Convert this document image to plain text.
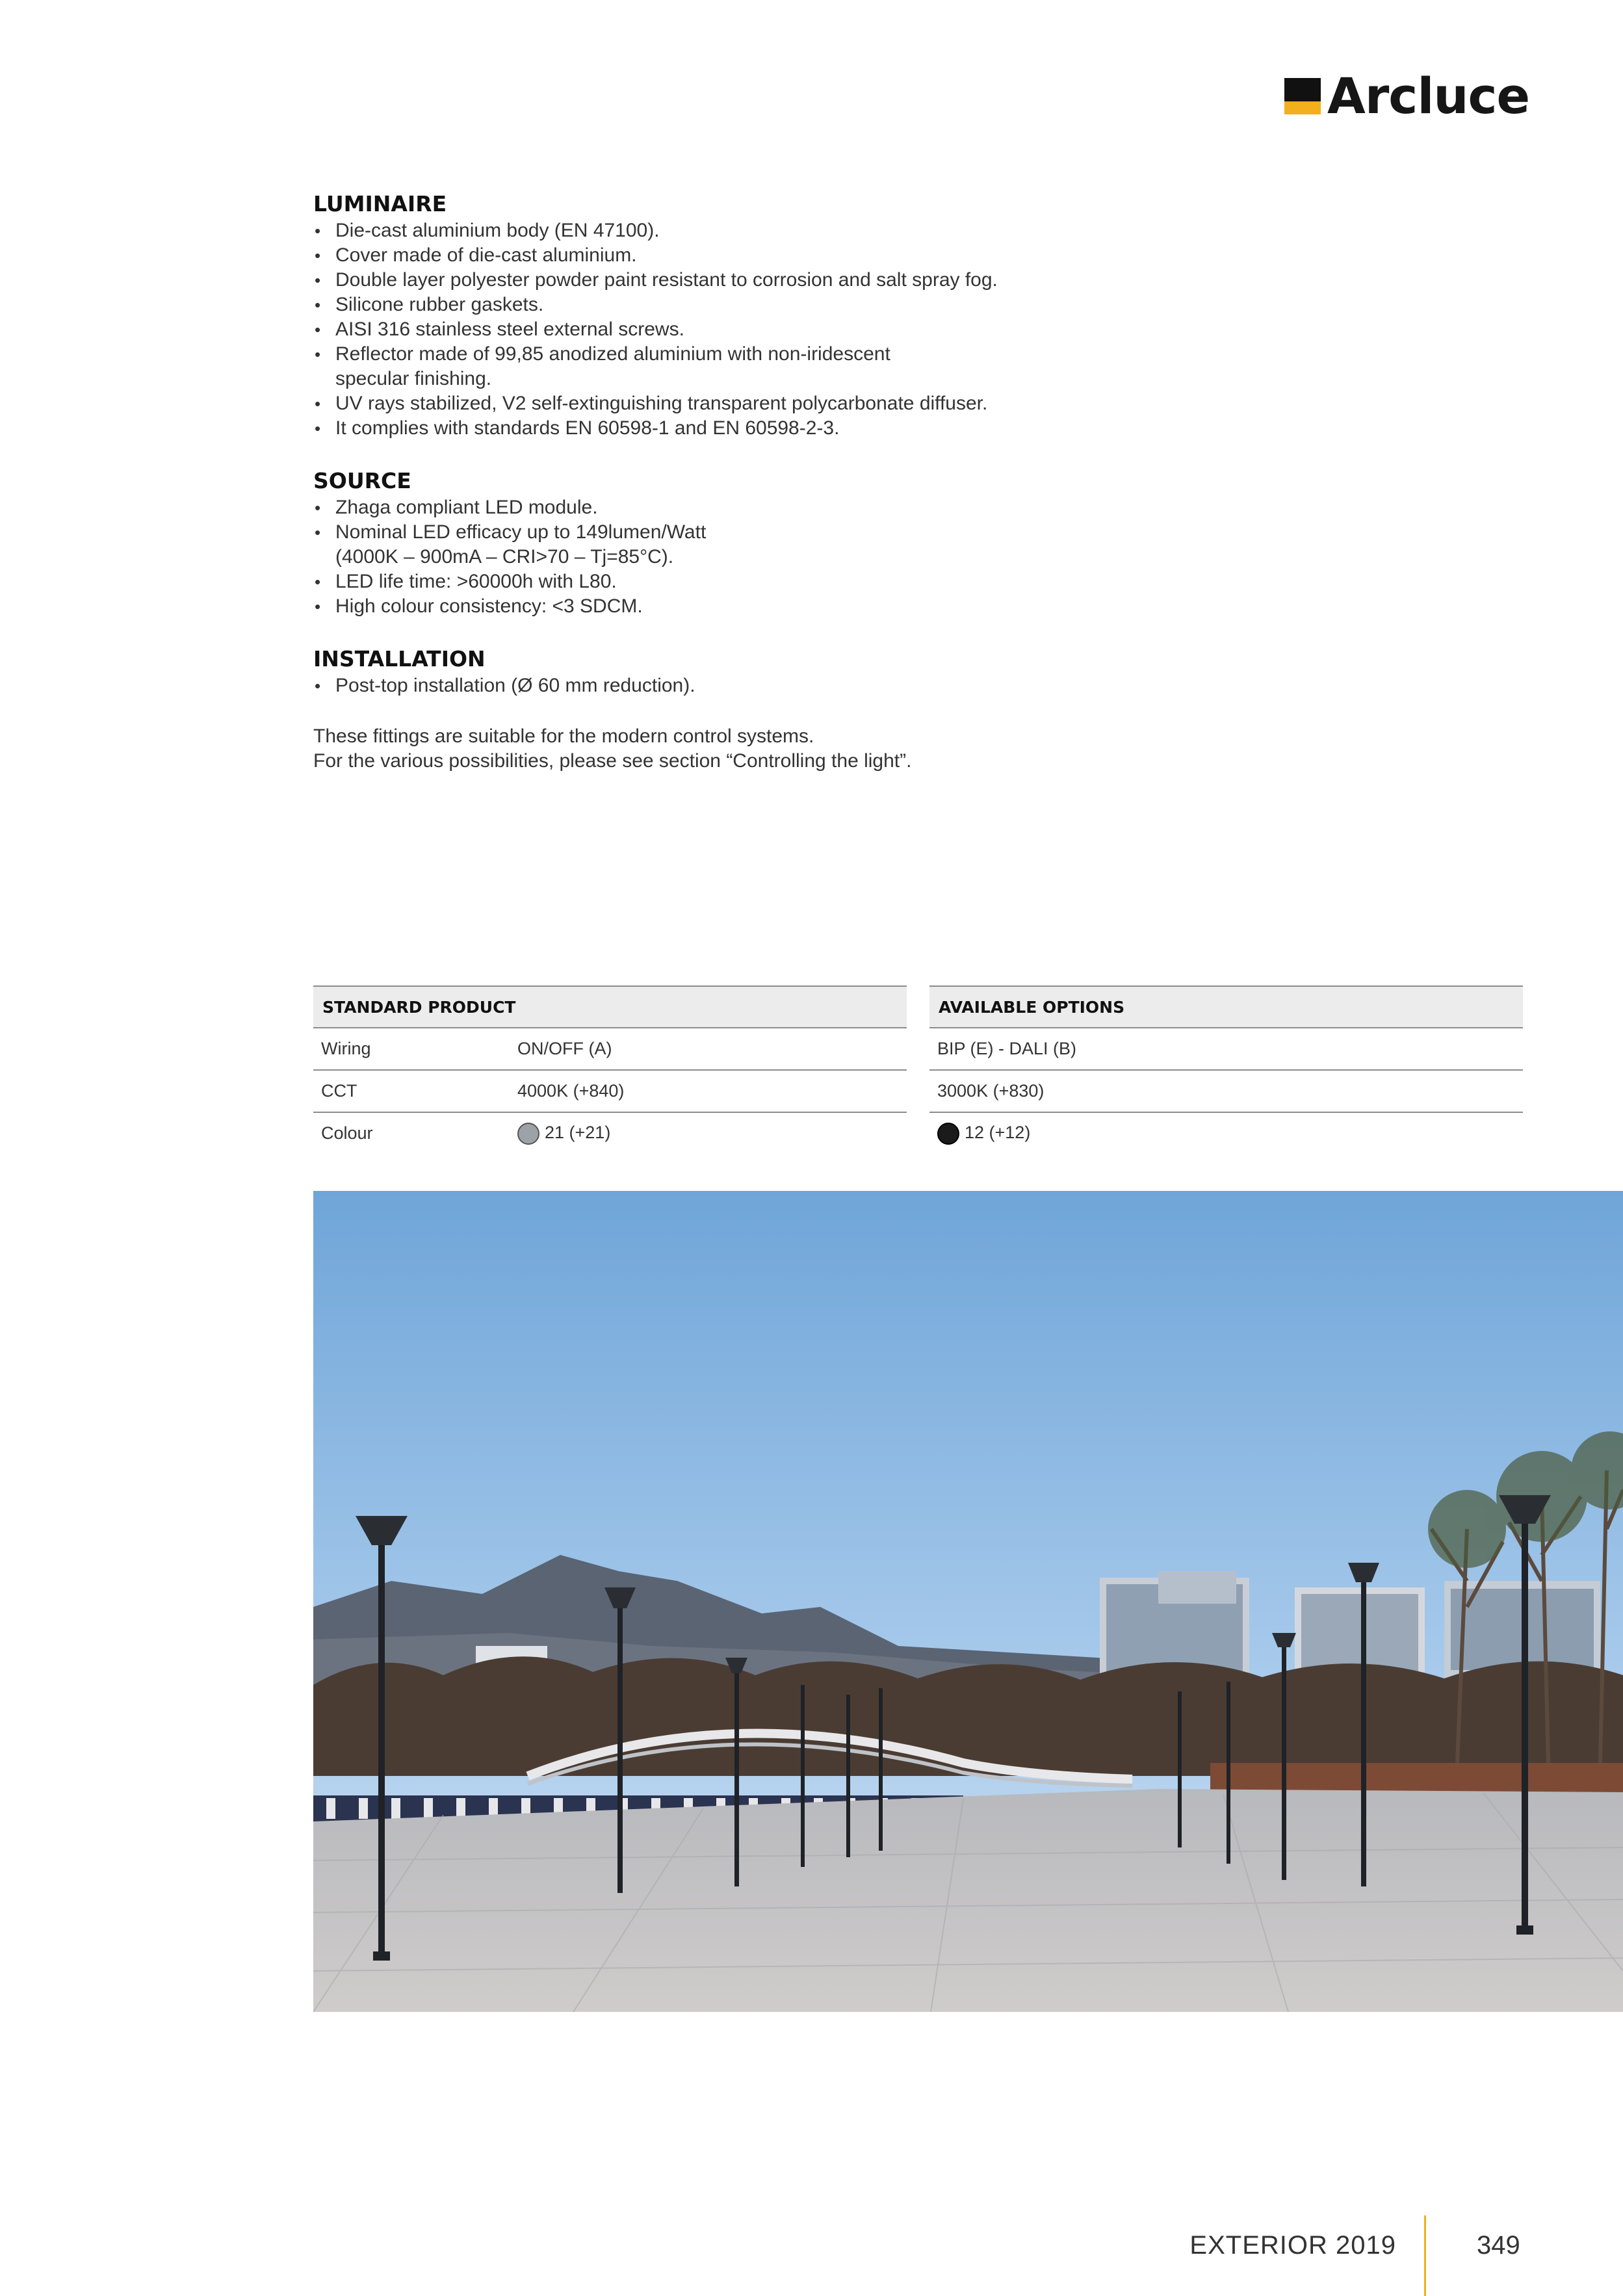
Arcluce
LUMINAIRE
• Die-cast aluminium body (EN 47100).
• Cover made of die-cast aluminium.
• Double layer polyester powder paint resistant to corrosion and salt spray fog.
• Silicone rubber gaskets.
• AISI 316 stainless steel external screws.
• Reflector made of 99,85 anodized aluminium with non-iridescent
specular finishing.
• UV rays stabilized, V2 self-extinguishing transparent polycarbonate diffuser.
• It complies with standards EN 60598-1 and EN 60598-2-3.
SOURCE
• Zhaga compliant LED module.
• Nominal LED efficacy up to 149lumen/Watt
(4000K – 900mA – CRI>70 – Tj=85°C).
• LED life time: >60000h with L80.
• High colour consistency: <3 SDCM.
INSTALLATION
• Post-top installation (Ø 60 mm reduction).

These fittings are suitable for the modern control systems.
For the various possibilities, please see section “Controlling the light”.

STANDARD PRODUCT
Wiring	ON/OFF (A)
CCT	4000K (+840)
Colour	21 (+21)
AVAILABLE OPTIONS
BIP (E) - DALI (B)
3000K (+830)
12 (+12)
EXTERIOR 2019	349
